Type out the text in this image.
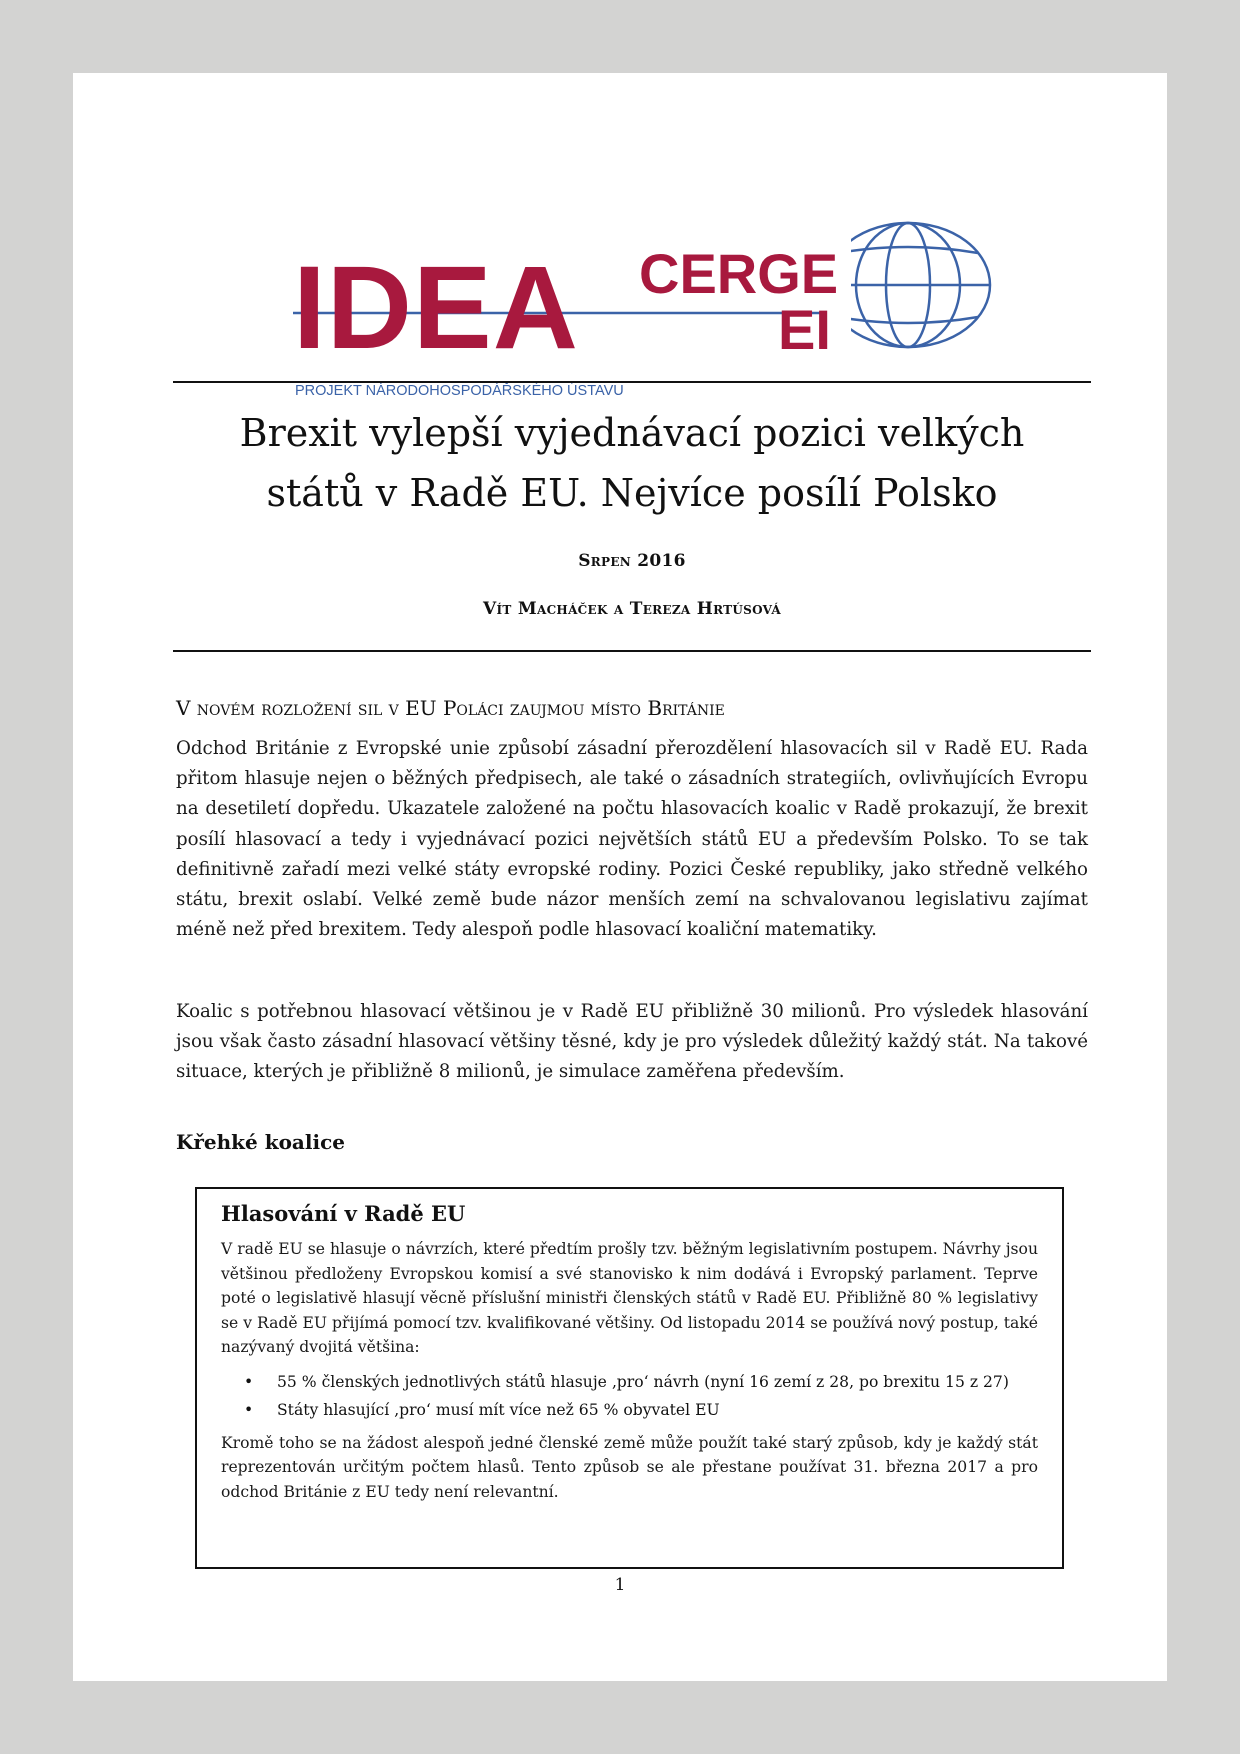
IDEA CERGE
EI
PROJEKT NÁRODOHOSPODÁŘSKÉHO ÚSTAVU
Brexit vylepší vyjednávací pozici velkých
států v Radě EU. Nejvíce posílí Polsko

Srpen 2016

Vít Macháček a Tereza Hrtúsová

V novém rozložení sil v EU Poláci zaujmou místo Británie

Odchod Británie z Evropské unie způsobí zásadní přerozdělení hlasovacích sil v Radě EU. Rada přitom hlasuje nejen o běžných předpisech, ale také o zásadních strategiích, ovlivňujících Evropu na desetiletí dopředu. Ukazatele založené na počtu hlasovacích koalic v Radě prokazují, že brexit posílí hlasovací a tedy i vyjednávací pozici největších států EU a především Polsko. To se tak definitivně zařadí mezi velké státy evropské rodiny. Pozici České republiky, jako středně velkého státu, brexit oslabí. Velké země bude názor menších zemí na schvalovanou legislativu zajímat méně než před brexitem. Tedy alespoň podle hlasovací koaliční matematiky.

Koalic s potřebnou hlasovací většinou je v Radě EU přibližně 30 milionů. Pro výsledek hlasování jsou však často zásadní hlasovací většiny těsné, kdy je pro výsledek důležitý každý stát. Na takové situace, kterých je přibližně 8 milionů, je simulace zaměřena především.

Křehké koalice
Hlasování v Radě EU

V radě EU se hlasuje o návrzích, které předtím prošly tzv. běžným legislativním postupem. Návrhy jsou většinou předloženy Evropskou komisí a své stanovisko k nim dodává i Evropský parlament. Teprve poté o legislativě hlasují věcně příslušní ministři členských států v Radě EU. Přibližně 80 % legislativy se v Radě EU přijímá pomocí tzv. kvalifikované většiny. Od listopadu 2014 se používá nový postup, také nazývaný dvojitá většina:

• 55 % členských jednotlivých států hlasuje ‚pro‘ návrh (nyní 16 zemí z 28, po brexitu 15 z 27)
• Státy hlasující ‚pro‘ musí mít více než 65 % obyvatel EU

Kromě toho se na žádost alespoň jedné členské země může použít také starý způsob, kdy je každý stát reprezentován určitým počtem hlasů. Tento způsob se ale přestane používat 31. března 2017 a pro odchod Británie z EU tedy není relevantní.

1
